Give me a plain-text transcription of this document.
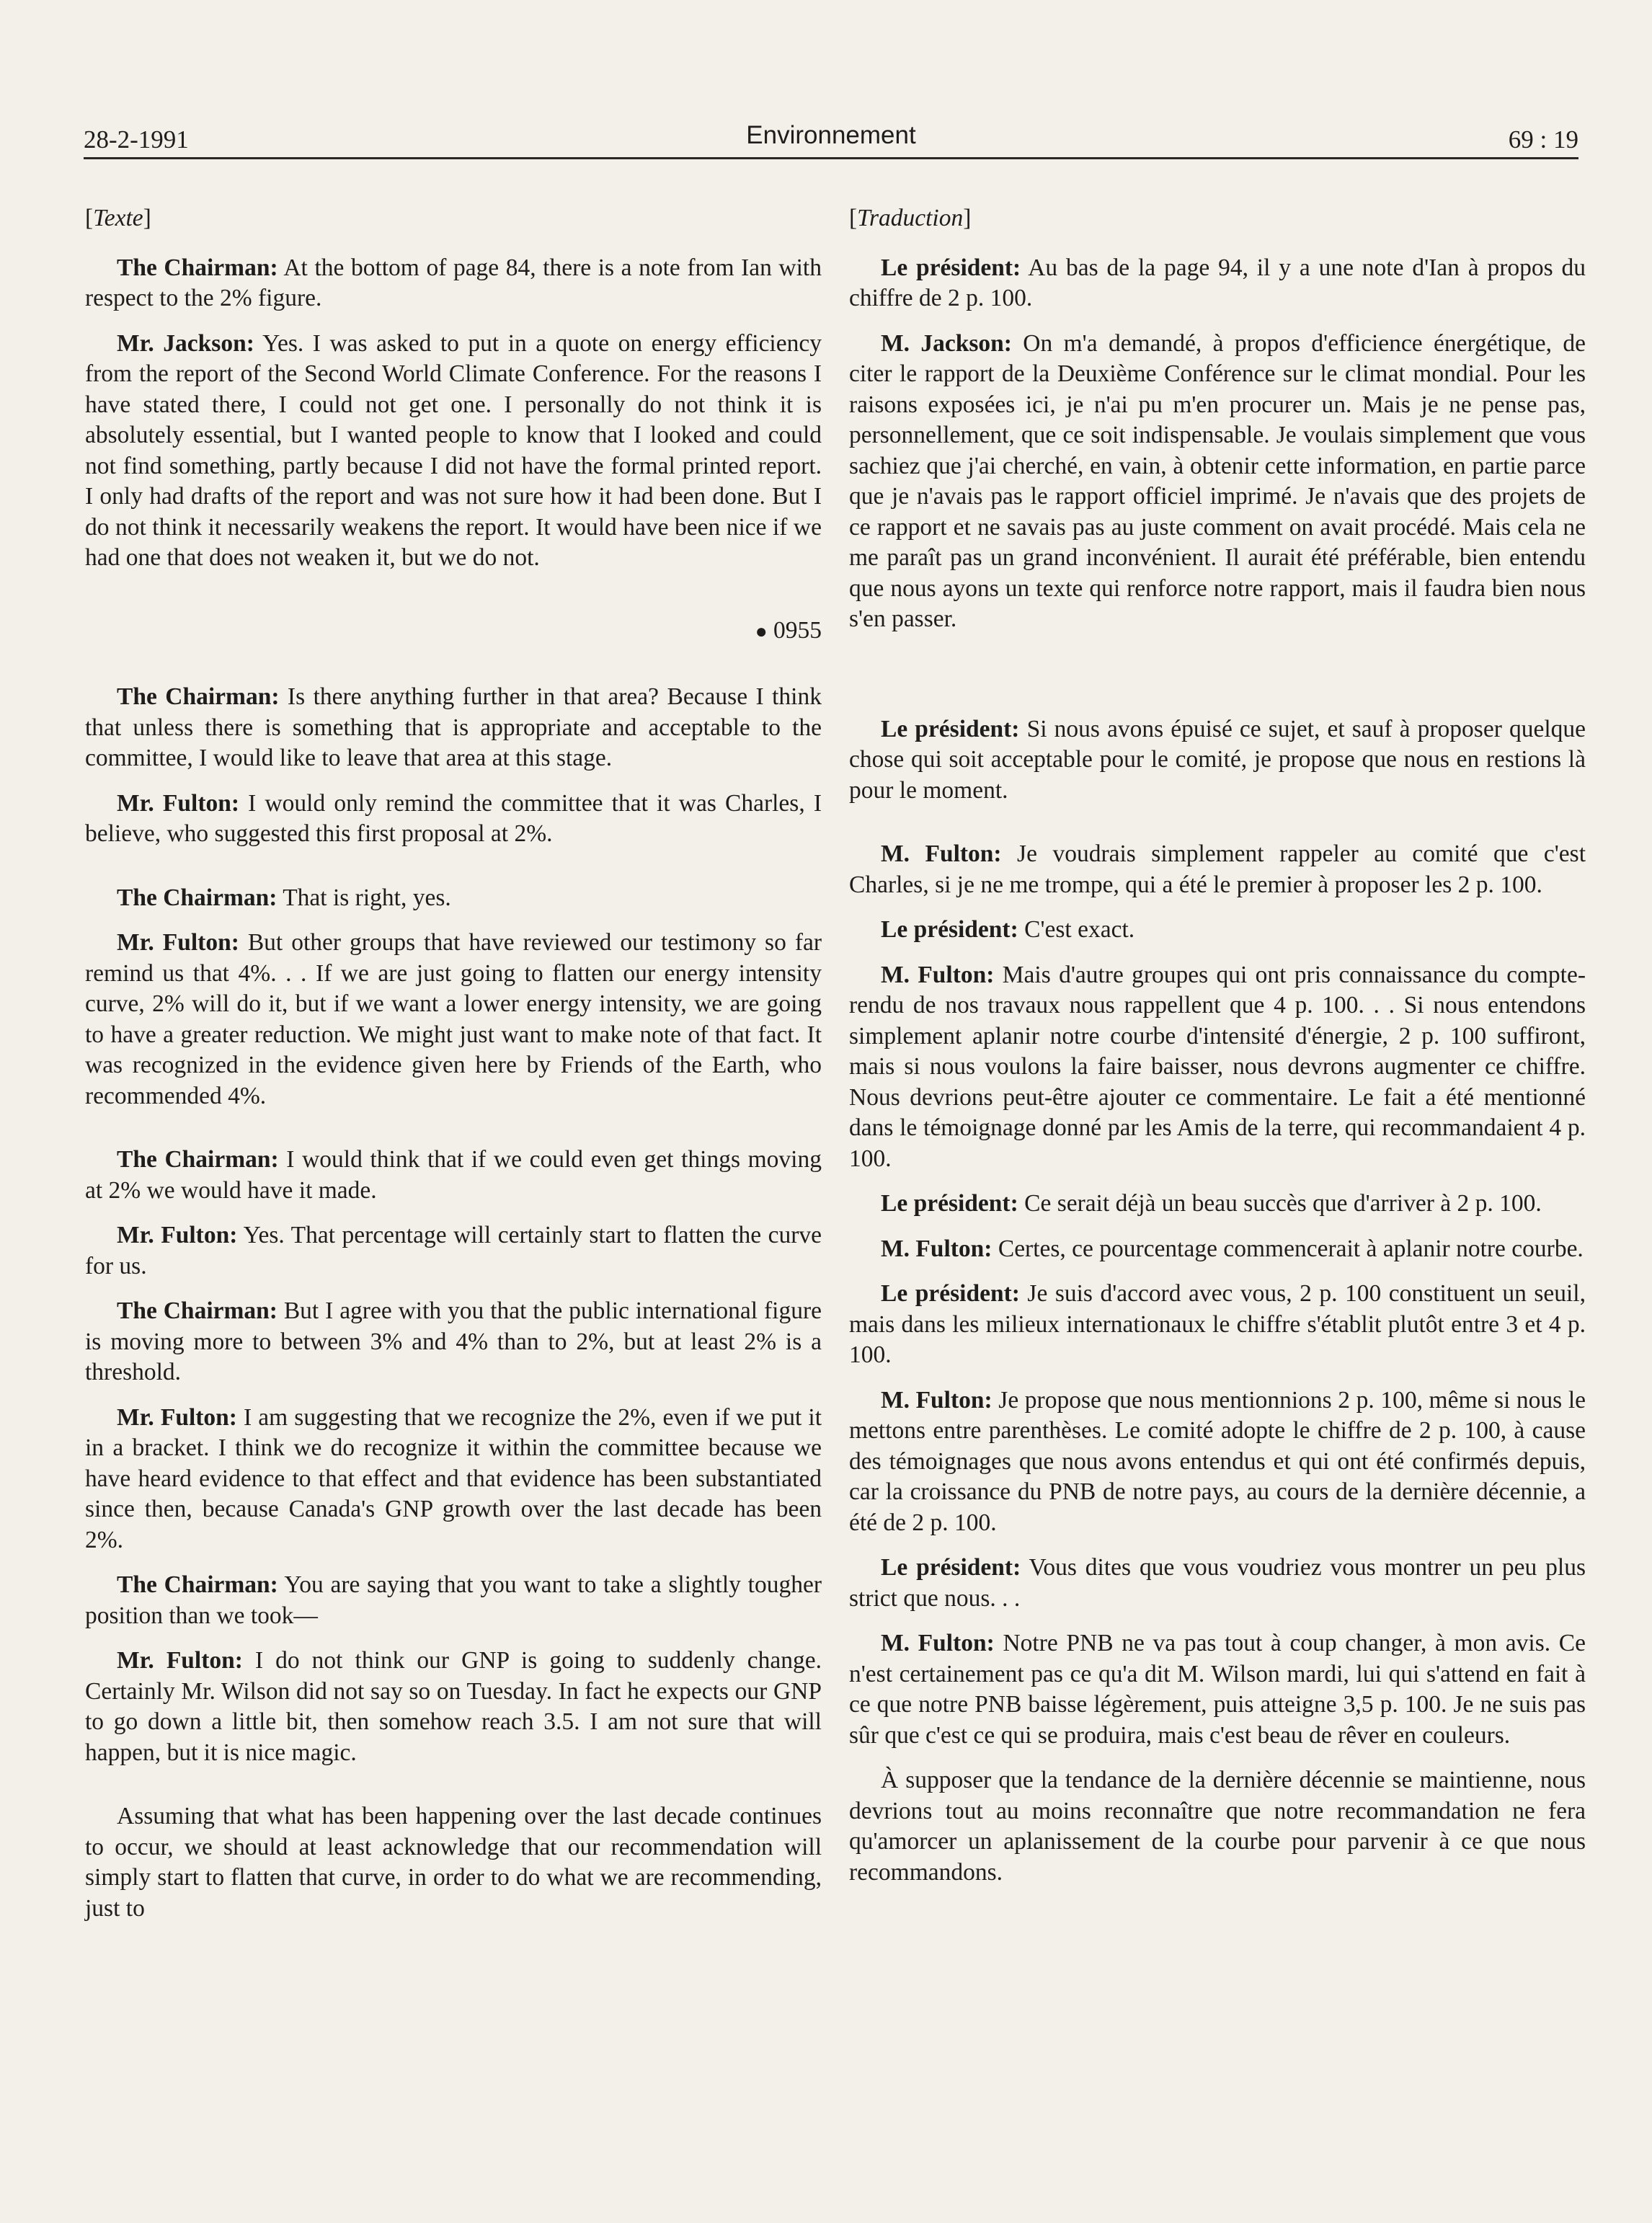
28-2-1991	Environnement	69 : 19

[Texte]

The Chairman: At the bottom of page 84, there is a note from Ian with respect to the 2% figure.

Mr. Jackson: Yes. I was asked to put in a quote on energy efficiency from the report of the Second World Climate Conference. For the reasons I have stated there, I could not get one. I personally do not think it is absolutely essential, but I wanted people to know that I looked and could not find something, partly because I did not have the formal printed report. I only had drafts of the report and was not sure how it had been done. But I do not think it necessarily weakens the report. It would have been nice if we had one that does not weaken it, but we do not.

● 0955

The Chairman: Is there anything further in that area? Because I think that unless there is something that is appropriate and acceptable to the committee, I would like to leave that area at this stage.

Mr. Fulton: I would only remind the committee that it was Charles, I believe, who suggested this first proposal at 2%.

The Chairman: That is right, yes.

Mr. Fulton: But other groups that have reviewed our testimony so far remind us that 4%. . . If we are just going to flatten our energy intensity curve, 2% will do it, but if we want a lower energy intensity, we are going to have a greater reduction. We might just want to make note of that fact. It was recognized in the evidence given here by Friends of the Earth, who recommended 4%.

The Chairman: I would think that if we could even get things moving at 2% we would have it made.

Mr. Fulton: Yes. That percentage will certainly start to flatten the curve for us.

The Chairman: But I agree with you that the public international figure is moving more to between 3% and 4% than to 2%, but at least 2% is a threshold.

Mr. Fulton: I am suggesting that we recognize the 2%, even if we put it in a bracket. I think we do recognize it within the committee because we have heard evidence to that effect and that evidence has been substantiated since then, because Canada's GNP growth over the last decade has been 2%.

The Chairman: You are saying that you want to take a slightly tougher position than we took—

Mr. Fulton: I do not think our GNP is going to suddenly change. Certainly Mr. Wilson did not say so on Tuesday. In fact he expects our GNP to go down a little bit, then somehow reach 3.5. I am not sure that will happen, but it is nice magic.

Assuming that what has been happening over the last decade continues to occur, we should at least acknowledge that our recommendation will simply start to flatten that curve, in order to do what we are recommending, just to

[Traduction]

Le président: Au bas de la page 94, il y a une note d'Ian à propos du chiffre de 2 p. 100.

M. Jackson: On m'a demandé, à propos d'efficience énergétique, de citer le rapport de la Deuxième Conférence sur le climat mondial. Pour les raisons exposées ici, je n'ai pu m'en procurer un. Mais je ne pense pas, personnellement, que ce soit indispensable. Je voulais simplement que vous sachiez que j'ai cherché, en vain, à obtenir cette information, en partie parce que je n'avais pas le rapport officiel imprimé. Je n'avais que des projets de ce rapport et ne savais pas au juste comment on avait procédé. Mais cela ne me paraît pas un grand inconvénient. Il aurait été préférable, bien entendu que nous ayons un texte qui renforce notre rapport, mais il faudra bien nous s'en passer.

Le président: Si nous avons épuisé ce sujet, et sauf à proposer quelque chose qui soit acceptable pour le comité, je propose que nous en restions là pour le moment.

M. Fulton: Je voudrais simplement rappeler au comité que c'est Charles, si je ne me trompe, qui a été le premier à proposer les 2 p. 100.

Le président: C'est exact.

M. Fulton: Mais d'autre groupes qui ont pris connaissance du compte-rendu de nos travaux nous rappellent que 4 p. 100. . . Si nous entendons simplement aplanir notre courbe d'intensité d'énergie, 2 p. 100 suffiront, mais si nous voulons la faire baisser, nous devrons augmenter ce chiffre. Nous devrions peut-être ajouter ce commentaire. Le fait a été mentionné dans le témoignage donné par les Amis de la terre, qui recommandaient 4 p. 100.

Le président: Ce serait déjà un beau succès que d'arriver à 2 p. 100.

M. Fulton: Certes, ce pourcentage commencerait à aplanir notre courbe.

Le président: Je suis d'accord avec vous, 2 p. 100 constituent un seuil, mais dans les milieux internationaux le chiffre s'établit plutôt entre 3 et 4 p. 100.

M. Fulton: Je propose que nous mentionnions 2 p. 100, même si nous le mettons entre parenthèses. Le comité adopte le chiffre de 2 p. 100, à cause des témoignages que nous avons entendus et qui ont été confirmés depuis, car la croissance du PNB de notre pays, au cours de la dernière décennie, a été de 2 p. 100.

Le président: Vous dites que vous voudriez vous montrer un peu plus strict que nous. . .

M. Fulton: Notre PNB ne va pas tout à coup changer, à mon avis. Ce n'est certainement pas ce qu'a dit M. Wilson mardi, lui qui s'attend en fait à ce que notre PNB baisse légèrement, puis atteigne 3,5 p. 100. Je ne suis pas sûr que c'est ce qui se produira, mais c'est beau de rêver en couleurs.

À supposer que la tendance de la dernière décennie se maintienne, nous devrions tout au moins reconnaître que notre recommandation ne fera qu'amorcer un aplanissement de la courbe pour parvenir à ce que nous recommandons.
